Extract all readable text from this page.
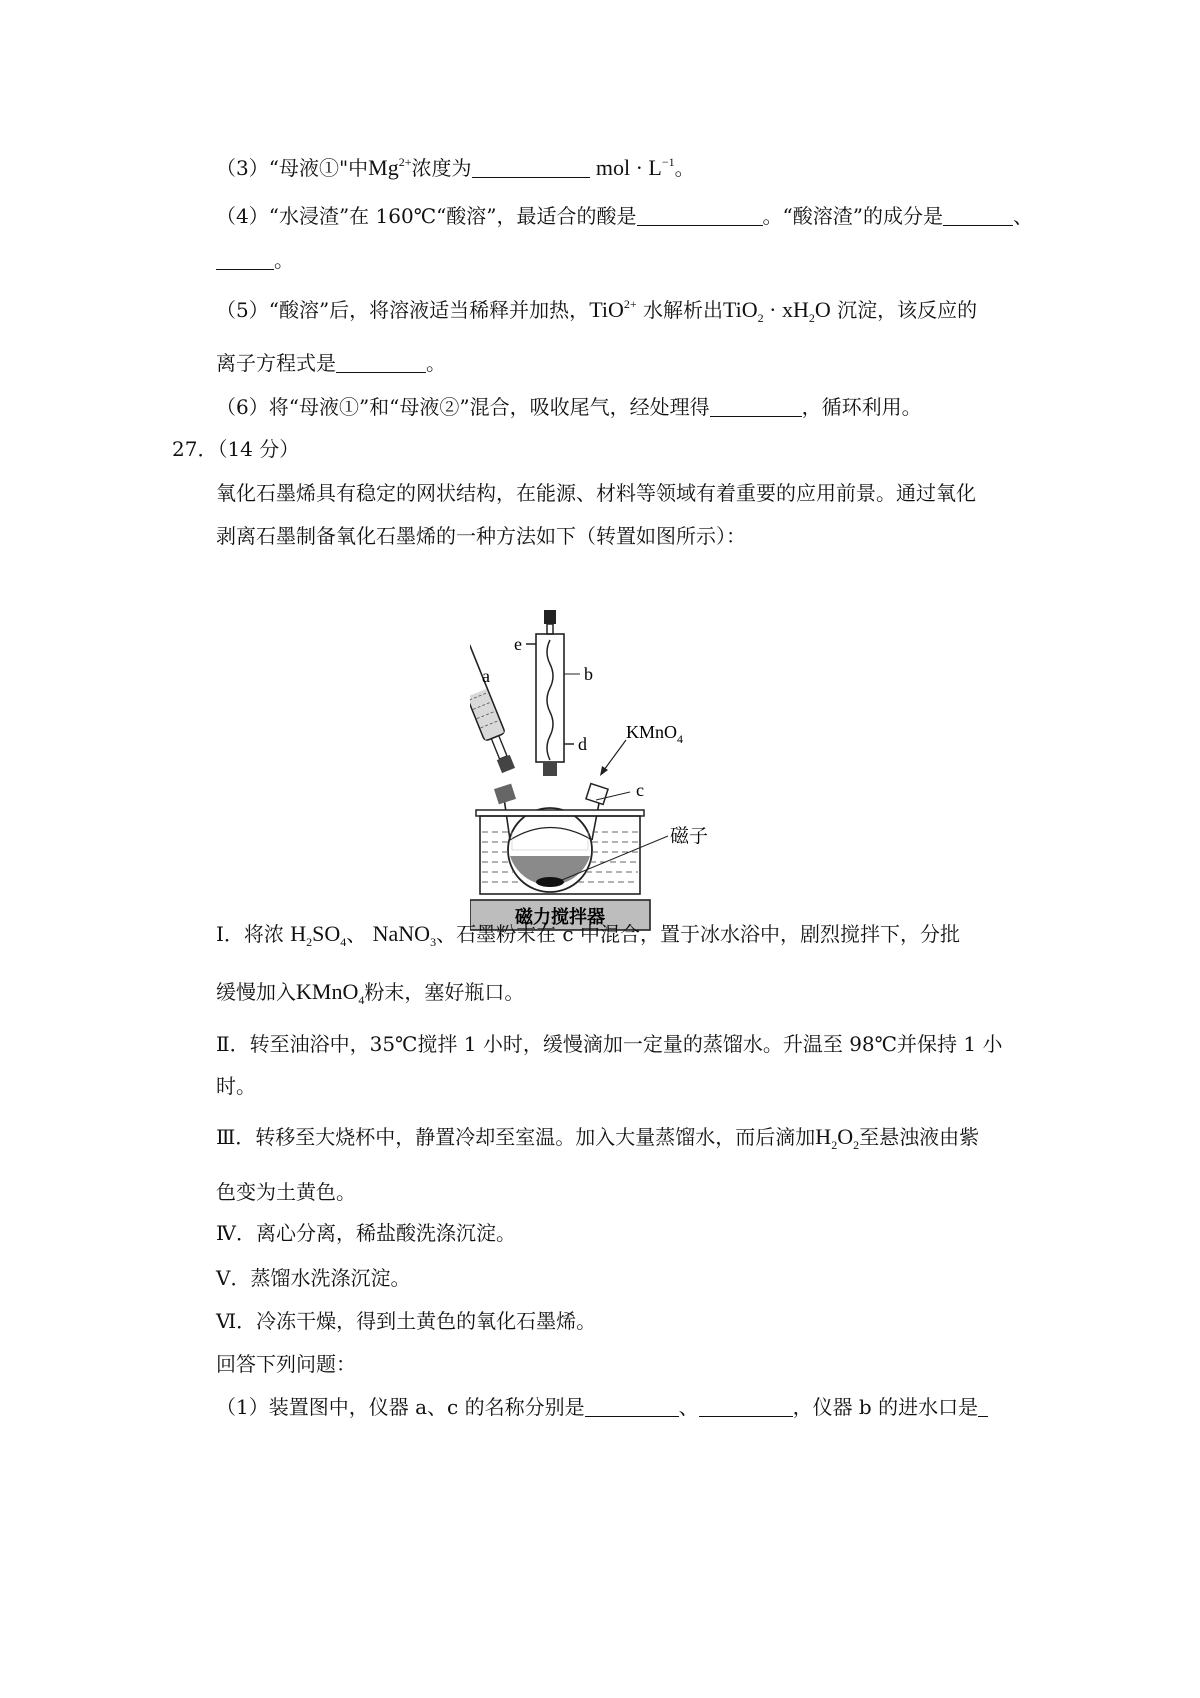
（3）“母液①"中$Mg^{2+}$浓度为	mol · $L^{-1}$。
（4）“水浸渣”在 160℃“酸溶”，最适合的酸是	。“酸溶渣”的成分是	、
。
（5）“酸溶”后，将溶液适当稀释并加热，TiO$^{2+}$ 水解析出$TiO_2 \cdot xH_2O$ 沉淀，该反应的
离子方程式是	。
（6）将“母液①”和“母液②”混合，吸收尾气，经处理得	，循环利用。
27．（14 分）
氧化石墨烯具有稳定的网状结构，在能源、材料等领域有着重要的应用前景。通过氧化
剥离石墨制备氧化石墨烯的一种方法如下（转置如图所示）：
e
b
d
a
c
KMnO$_4$
磁子
磁力搅拌器
Ⅰ．将浓 $H_2SO_4$、 NaNO$_3$、石墨粉末在 c 中混合，置于冰水浴中，剧烈搅拌下，分批
缓慢加入KMnO$_4$粉末，塞好瓶口。
Ⅱ．转至油浴中，35℃搅拌 1 小时，缓慢滴加一定量的蒸馏水。升温至 98℃并保持 1 小
时。
Ⅲ．转移至大烧杯中，静置冷却至室温。加入大量蒸馏水，而后滴加$H_2O_2$至悬浊液由紫
色变为土黄色。
Ⅳ．离心分离，稀盐酸洗涤沉淀。
Ⅴ．蒸馏水洗涤沉淀。
Ⅵ．冷冻干燥，得到土黄色的氧化石墨烯。
回答下列问题：
（1）装置图中，仪器 a、c 的名称分别是	、	，仪器 b 的进水口是
